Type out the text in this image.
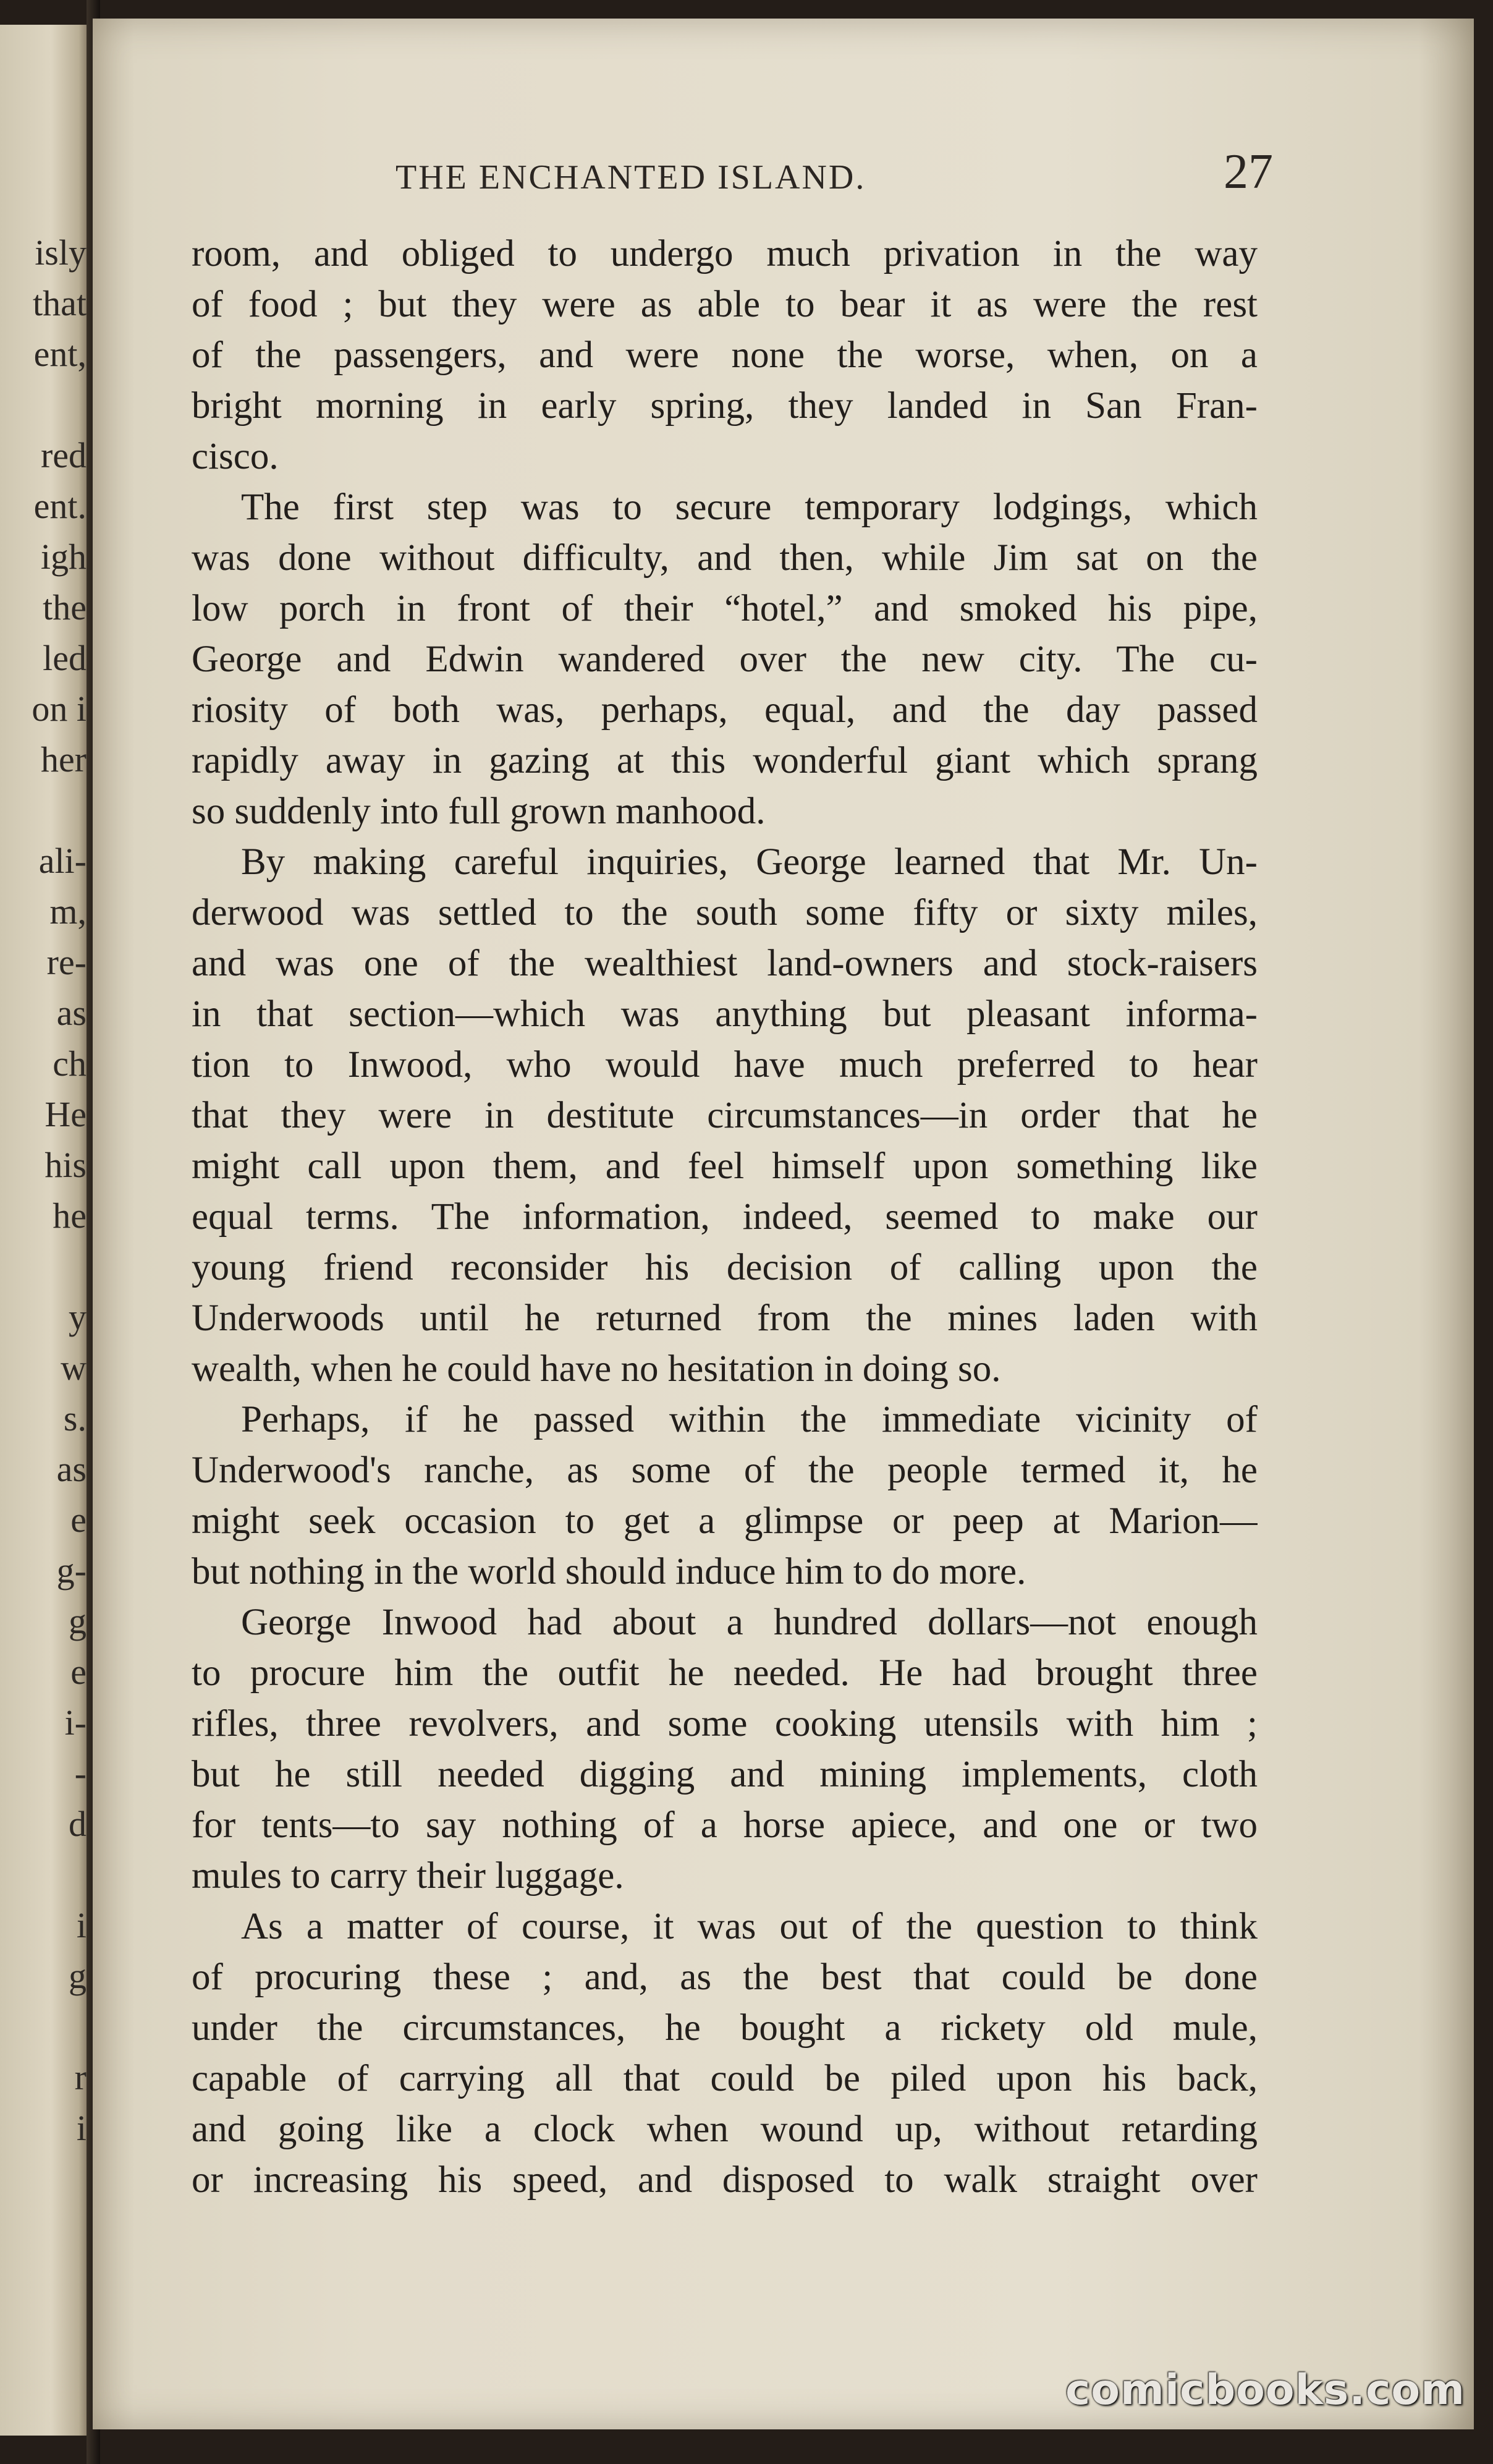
isly
that
ent,
red
ent.
igh
the
led
on i
her
ali-
m,
re-
as
ch
He
his
he
y
w
s.
as
e
g-
g
e
i-
-
d
i
g
r
i
THE ENCHANTED ISLAND.	27
room, and obliged to undergo much privation in the way
of food ; but they were as able to bear it as were the rest
of the passengers, and were none the worse, when, on a
bright morning in early spring, they landed in San Fran-
cisco.
The first step was to secure temporary lodgings, which
was done without difficulty, and then, while Jim sat on the
low porch in front of their “hotel,” and smoked his pipe,
George and Edwin wandered over the new city. The cu-
riosity of both was, perhaps, equal, and the day passed
rapidly away in gazing at this wonderful giant which sprang
so suddenly into full grown manhood.
By making careful inquiries, George learned that Mr. Un-
derwood was settled to the south some fifty or sixty miles,
and was one of the wealthiest land-owners and stock-raisers
in that section—which was anything but pleasant informa-
tion to Inwood, who would have much preferred to hear
that they were in destitute circumstances—in order that he
might call upon them, and feel himself upon something like
equal terms. The information, indeed, seemed to make our
young friend reconsider his decision of calling upon the
Underwoods until he returned from the mines laden with
wealth, when he could have no hesitation in doing so.
Perhaps, if he passed within the immediate vicinity of
Underwood's ranche, as some of the people termed it, he
might seek occasion to get a glimpse or peep at Marion—
but nothing in the world should induce him to do more.
George Inwood had about a hundred dollars—not enough
to procure him the outfit he needed. He had brought three
rifles, three revolvers, and some cooking utensils with him ;
but he still needed digging and mining implements, cloth
for tents—to say nothing of a horse apiece, and one or two
mules to carry their luggage.
As a matter of course, it was out of the question to think
of procuring these ; and, as the best that could be done
under the circumstances, he bought a rickety old mule,
capable of carrying all that could be piled upon his back,
and going like a clock when wound up, without retarding
or increasing his speed, and disposed to walk straight over
comicbooks.com
